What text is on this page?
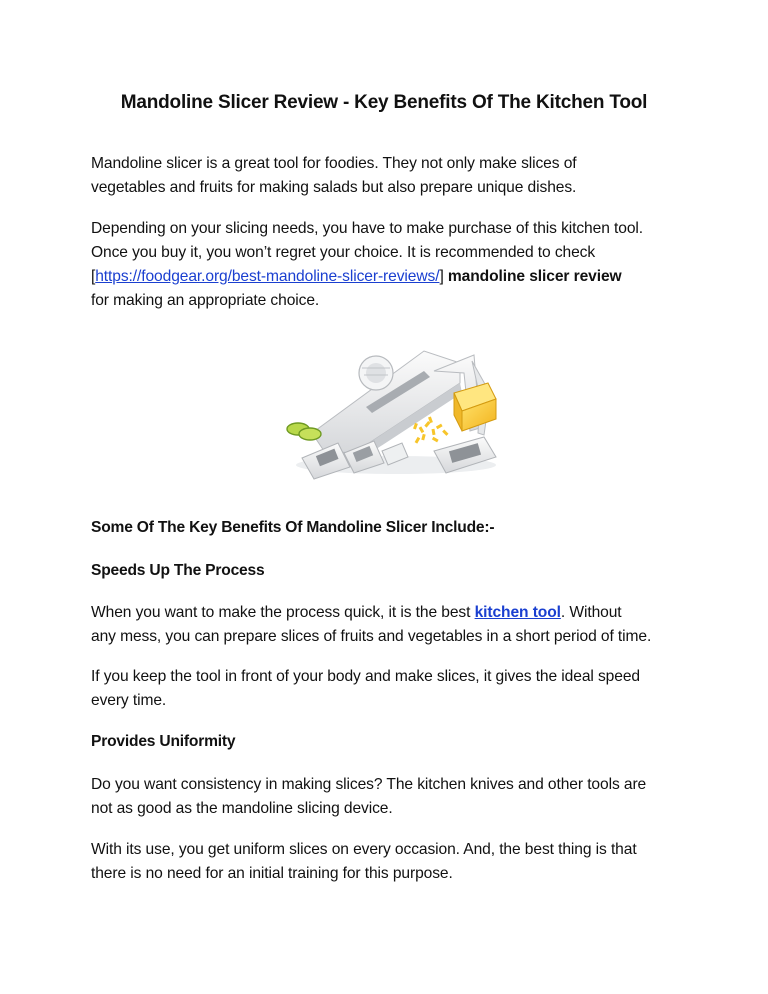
Mandoline Slicer Review - Key Benefits Of The Kitchen Tool

Mandoline slicer is a great tool for foodies. They not only make slices of
vegetables and fruits for making salads but also prepare unique dishes.

Depending on your slicing needs, you have to make purchase of this kitchen tool.
Once you buy it, you won’t regret your choice. It is recommended to check
[https://foodgear.org/best-mandoline-slicer-reviews/] mandoline slicer review
for making an appropriate choice.

Some Of The Key Benefits Of Mandoline Slicer Include:-

Speeds Up The Process

When you want to make the process quick, it is the best kitchen tool. Without
any mess, you can prepare slices of fruits and vegetables in a short period of time.

If you keep the tool in front of your body and make slices, it gives the ideal speed
every time.

Provides Uniformity

Do you want consistency in making slices? The kitchen knives and other tools are
not as good as the mandoline slicing device.

With its use, you get uniform slices on every occasion. And, the best thing is that
there is no need for an initial training for this purpose.
